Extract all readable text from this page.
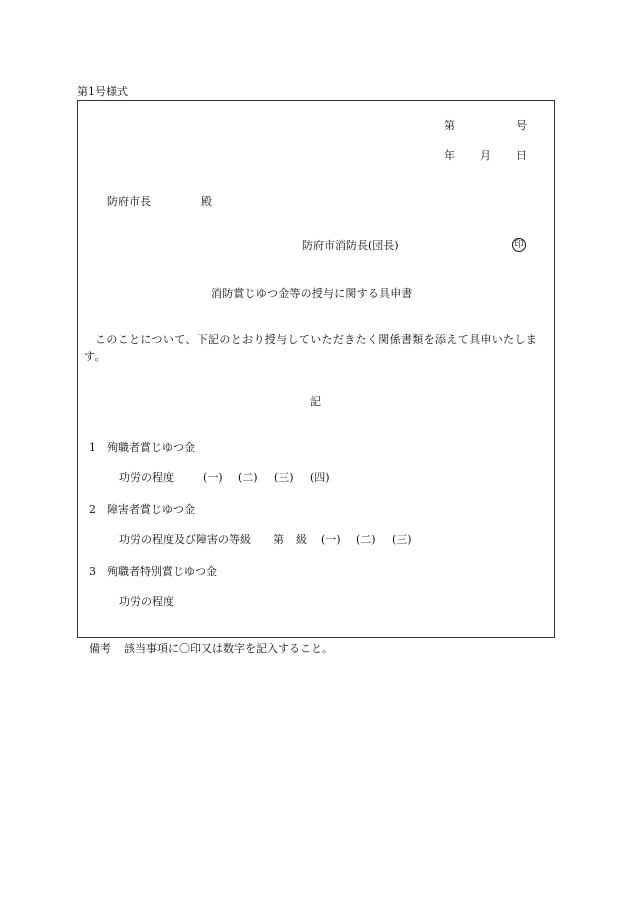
第1号様式
第	号
年 月 日
防府市長	殿
防府市消防長(団長)	印
消防賞じゆつ金等の授与に関する具申書
このことについて、下記のとおり授与していただきたく関係書類を添えて具申いたします。
記
1 殉職者賞じゆつ金
功労の程度	(一) (二) (三) (四)
2 障害者賞じゆつ金
功労の程度及び障害の等級 第 級 (一) (二) (三)
3 殉職者特別賞じゆつ金
功労の程度
備考 該当事項に〇印又は数字を記入すること。
